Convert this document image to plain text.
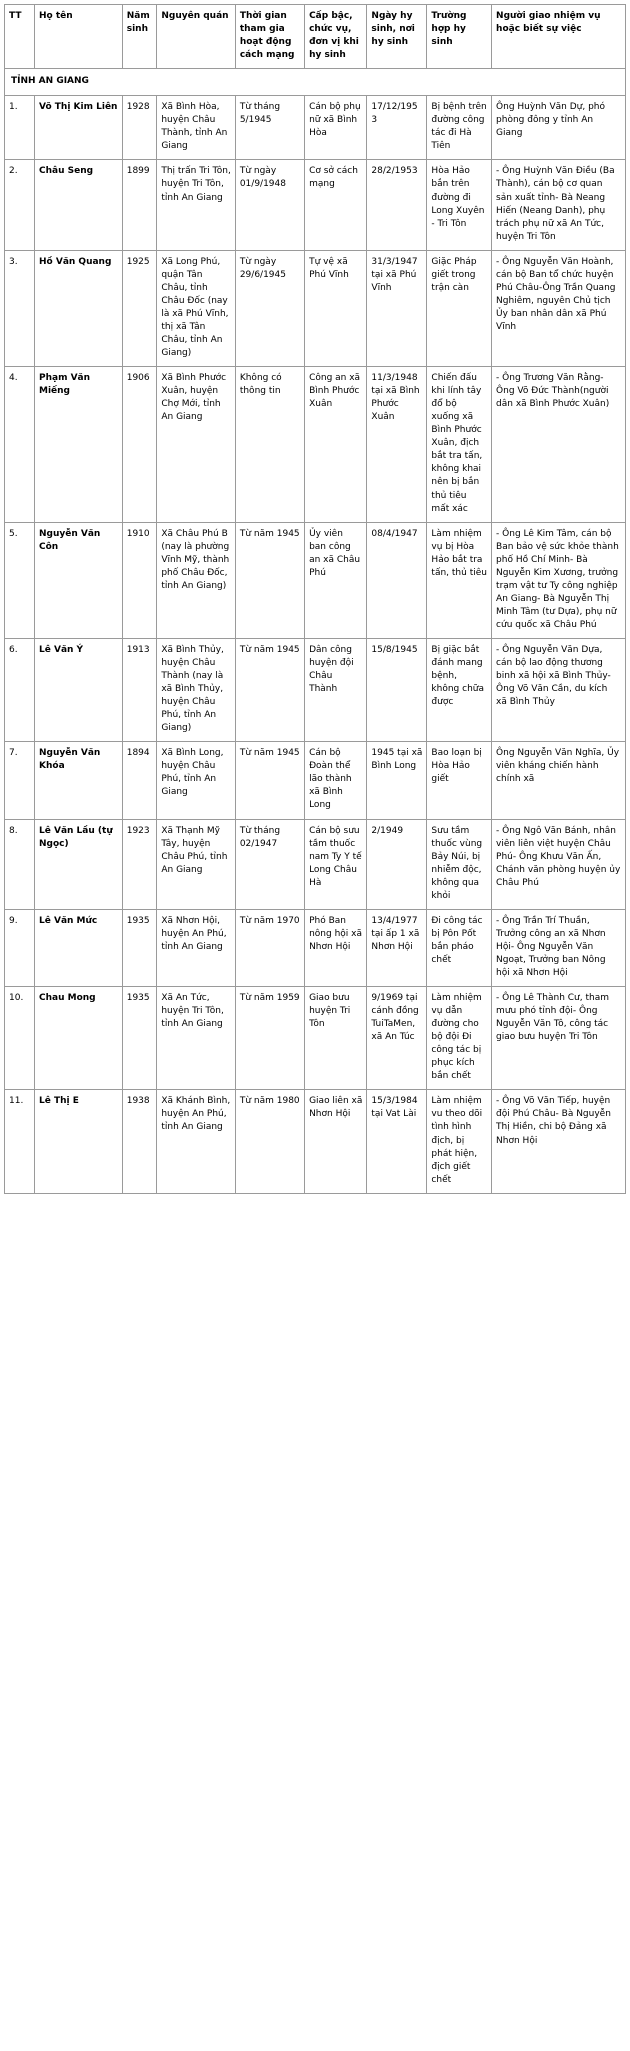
TT	Họ tên	Năm sinh	Nguyên quán	Thời gian tham gia hoạt động cách mạng	Cấp bậc, chức vụ, đơn vị khi hy sinh	Ngày hy sinh, nơi hy sinh	Trường hợp hy sinh	Người giao nhiệm vụ hoặc biết sự việc
TỈNH AN GIANG								
1.	Võ Thị Kim Liên	1928	Xã Bình Hòa, huyện Châu Thành, tỉnh An Giang	Từ tháng 5/1945	Cán bộ phụ nữ xã Bình Hòa	17/12/1953	Bị bệnh trên đường công tác đi Hà Tiên	Ông Huỳnh Văn Dự, phó phòng đông y tỉnh An Giang
2.	Châu Seng	1899	Thị trấn Tri Tôn, huyện Tri Tôn, tỉnh An Giang	Từ ngày 01/9/1948	Cơ sở cách mạng	28/2/1953	Hòa Hảo bắn trên đường đi Long Xuyên - Tri Tôn	- Ông Huỳnh Văn Điều (Ba Thành), cán bộ cơ quan sản xuất tỉnh- Bà Neang Hiến (Neang Danh), phụ trách phụ nữ xã An Tức, huyện Tri Tôn
3.	Hồ Văn Quang	1925	Xã Long Phú, quận Tân Châu, tỉnh Châu Đốc (nay là xã Phú Vĩnh, thị xã Tân Châu, tỉnh An Giang)	Từ ngày 29/6/1945	Tự vệ xã Phú Vĩnh	31/3/1947 tại xã Phú Vĩnh	Giặc Pháp giết trong trận càn	- Ông Nguyễn Văn Hoành, cán bộ Ban tổ chức huyện Phú Châu-Ông Trần Quang Nghiêm, nguyên Chủ tịch Ủy ban nhân dân xã Phú Vĩnh
4.	Phạm Văn Miếng	1906	Xã Bình Phước Xuân, huyện Chợ Mới, tỉnh An Giang	Không có thông tin	Công an xã Bình Phước Xuân	11/3/1948 tại xã Bình Phước Xuân	Chiến đấu khi lính tây đổ bộ xuống xã Bình Phước Xuân, địch bắt tra tấn, không khai nên bị bắn thủ tiêu mất xác	- Ông Trương Văn Rằng-Ông Võ Đức Thành(người dân xã Bình Phước Xuân)
5.	Nguyễn Văn Côn	1910	Xã Châu Phú B (nay là phường Vĩnh Mỹ, thành phố Châu Đốc, tỉnh An Giang)	Từ năm 1945	Ủy viên ban công an xã Châu Phú	08/4/1947	Làm nhiệm vụ bị Hòa Hảo bắt tra tấn, thủ tiêu	- Ông Lê Kim Tâm, cán bộ Ban bảo vệ sức khỏe thành phố Hồ Chí Minh- Bà Nguyễn Kim Xương, trưởng trạm vật tư Ty công nghiệp An Giang- Bà Nguyễn Thị Minh Tâm (tư Dựa), phụ nữ cứu quốc xã Châu Phú
6.	Lê Văn Ý	1913	Xã Bình Thủy, huyện Châu Thành (nay là xã Bình Thủy, huyện Châu Phú, tỉnh An Giang)	Từ năm 1945	Dân công huyện đội Châu Thành	15/8/1945	Bị giặc bắt đánh mang bệnh, không chữa được	- Ông Nguyễn Văn Dựa, cán bộ lao động thương binh xã hội xã Bình Thủy-Ông Võ Văn Cần, du kích xã Bình Thủy
7.	Nguyễn Văn Khóa	1894	Xã Bình Long, huyện Châu Phú, tỉnh An Giang	Từ năm 1945	Cán bộ Đoàn thể lão thành xã Bình Long	1945 tại xã Bình Long	Bao loạn bị Hòa Hảo giết	Ông Nguyễn Văn Nghĩa, Ủy viên kháng chiến hành chính xã
8.	Lê Văn Lầu (tự Ngọc)	1923	Xã Thạnh Mỹ Tây, huyện Châu Phú, tỉnh An Giang	Từ tháng 02/1947	Cán bộ sưu tầm thuốc nam Ty Y tế Long Châu Hà	2/1949	Sưu tầm thuốc vùng Bảy Núi, bị nhiễm độc, không qua khỏi	- Ông Ngô Văn Bánh, nhân viên liên việt huyện Châu Phú- Ông Khưu Văn Ấn, Chánh văn phòng huyện ủy Châu Phú
9.	Lê Văn Mức	1935	Xã Nhơn Hội, huyện An Phú, tỉnh An Giang	Từ năm 1970	Phó Ban nông hội xã Nhơn Hội	13/4/1977 tại ấp 1 xã Nhơn Hội	Đi công tác bị Pôn Pốt bắn pháo chết	- Ông Trần Trí Thuần, Trưởng công an xã Nhơn Hội- Ông Nguyễn Văn Ngoạt, Trưởng ban Nông hội xã Nhơn Hội
10.	Chau Mong	1935	Xã An Tức, huyện Tri Tôn, tỉnh An Giang	Từ năm 1959	Giao bưu huyện Tri Tôn	9/1969 tại cánh đồng TuiTaMen, xã An Túc	Làm nhiệm vụ dẫn đường cho bộ đội Đi công tác bị phục kích bắn chết	- Ông Lê Thành Cư, tham mưu phó tỉnh đội- Ông Nguyễn Văn Tô, công tác giao bưu huyện Tri Tôn
11.	Lê Thị E	1938	Xã Khánh Bình, huyện An Phú, tỉnh An Giang	Từ năm 1980	Giao liên xã Nhơn Hội	15/3/1984 tại Vat Lài	Làm nhiệm vu theo dõi tình hình địch, bị phát hiện, địch giết chết	- Ông Võ Văn Tiếp, huyện đội Phú Châu- Bà Nguyễn Thị Hiền, chi bộ Đảng xã Nhơn Hội
